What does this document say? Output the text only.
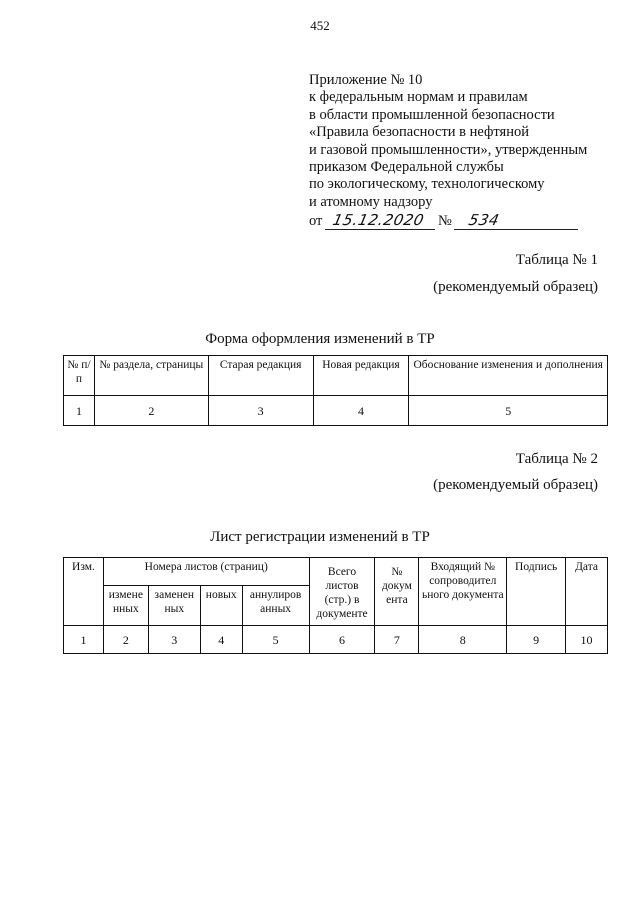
452
Приложение № 10
к федеральным нормам и правилам
в области промышленной безопасности
«Правила безопасности в нефтяной
и газовой промышленности», утвержденным
приказом Федеральной службы
по экологическому, технологическому
и атомному надзору
от 15.12.2020 № 534
Таблица № 1
(рекомендуемый образец)
Форма оформления изменений в ТР
№ п/п	№ раздела, страницы	Старая редакция	Новая редакция	Обоснование изменения и дополнения
1	2	3	4	5
Таблица № 2
(рекомендуемый образец)
Лист регистрации изменений в ТР
Изм.	Номера листов (страниц)				Всего листов (стр.) в документе	№ докум ента	Входящий № сопроводител ьного документа	Подпись	Дата
	измене нных	заменен ных	новых	аннулиров анных					
1	2	3	4	5	6	7	8	9	10
